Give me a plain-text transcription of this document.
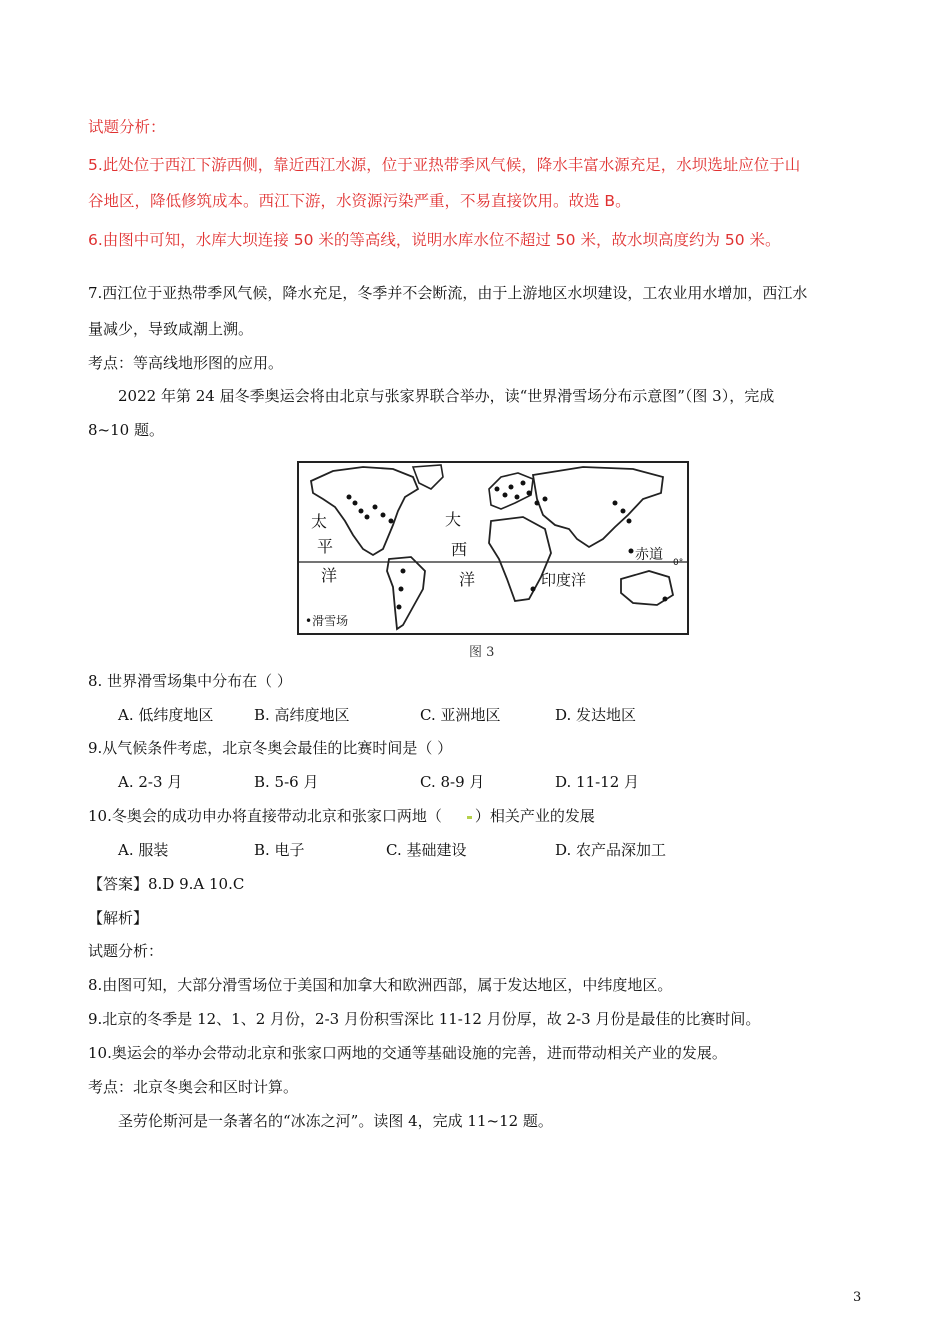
试题分析：
5.此处位于西江下游西侧，靠近西江水源，位于亚热带季风气候，降水丰富水源充足，水坝选址应位于山
谷地区，降低修筑成本。西江下游，水资源污染严重，不易直接饮用。故选 B。
6.由图中可知，水库大坝连接 50 米的等高线，说明水库水位不超过 50 米，故水坝高度约为 50 米。
7.西江位于亚热带季风气候，降水充足，冬季并不会断流，由于上游地区水坝建设，工农业用水增加，西江水
量减少，导致咸潮上溯。
考点：等高线地形图的应用。
2022 年第 24 届冬季奥运会将由北京与张家界联合举办，读“世界滑雪场分布示意图”（图 3），完成
8~10 题。
太
平
洋
大
西
洋	印度洋
赤道 0°
•滑雪场
图 3
8. 世界滑雪场集中分布在（ ）
A. 低纬度地区	B. 高纬度地区	C. 亚洲地区	D. 发达地区
9.从气候条件考虑，北京冬奥会最佳的比赛时间是（ ）
A. 2-3 月	B. 5-6 月	C. 8-9 月	D. 11-12 月
10.冬奥会的成功申办将直接带动北京和张家口两地（ ）相关产业的发展
A. 服装	B. 电子	C. 基础建设	D. 农产品深加工
【答案】8.D 9.A 10.C
【解析】
试题分析：
8.由图可知，大部分滑雪场位于美国和加拿大和欧洲西部，属于发达地区，中纬度地区。
9.北京的冬季是 12、1、2 月份，2-3 月份积雪深比 11-12 月份厚，故 2-3 月份是最佳的比赛时间。
10.奥运会的举办会带动北京和张家口两地的交通等基础设施的完善，进而带动相关产业的发展。
考点：北京冬奥会和区时计算。
圣劳伦斯河是一条著名的“冰冻之河”。读图 4，完成 11~12 题。
3
